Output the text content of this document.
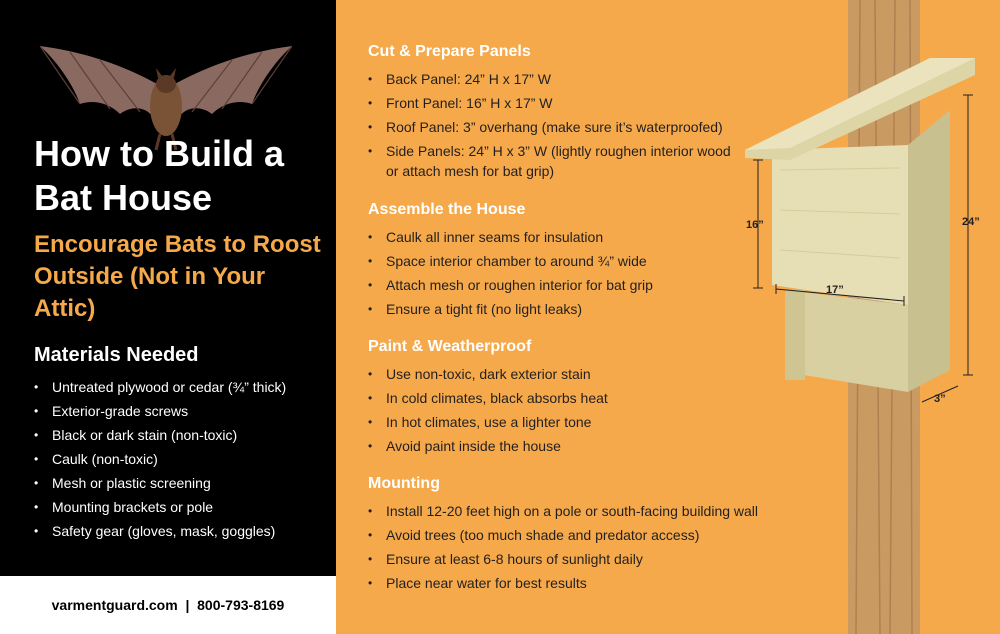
How to Build a Bat House
Encourage Bats to Roost Outside (Not in Your Attic)
Materials Needed
• Untreated plywood or cedar (¾” thick)
• Exterior-grade screws
• Black or dark stain (non-toxic)
• Caulk (non-toxic)
• Mesh or plastic screening
• Mounting brackets or pole
• Safety gear (gloves, mask, goggles)
varmentguard.com  |  800-793-8169
Cut & Prepare Panels
• Back Panel: 24” H x 17” W
• Front Panel: 16” H x 17” W
• Roof Panel: 3” overhang (make sure it’s waterproofed)
• Side Panels: 24” H x 3” W (lightly roughen interior wood or attach mesh for bat grip)
Assemble the House
• Caulk all inner seams for insulation
• Space interior chamber to around ¾” wide
• Attach mesh or roughen interior for bat grip
• Ensure a tight fit (no light leaks)
Paint & Weatherproof
• Use non-toxic, dark exterior stain
• In cold climates, black absorbs heat
• In hot climates, use a lighter tone
• Avoid paint inside the house
Mounting
• Install 12-20 feet high on a pole or south-facing building wall
• Avoid trees (too much shade and predator access)
• Ensure at least 6-8 hours of sunlight daily
• Place near water for best results
16”	24”
17”
3”
